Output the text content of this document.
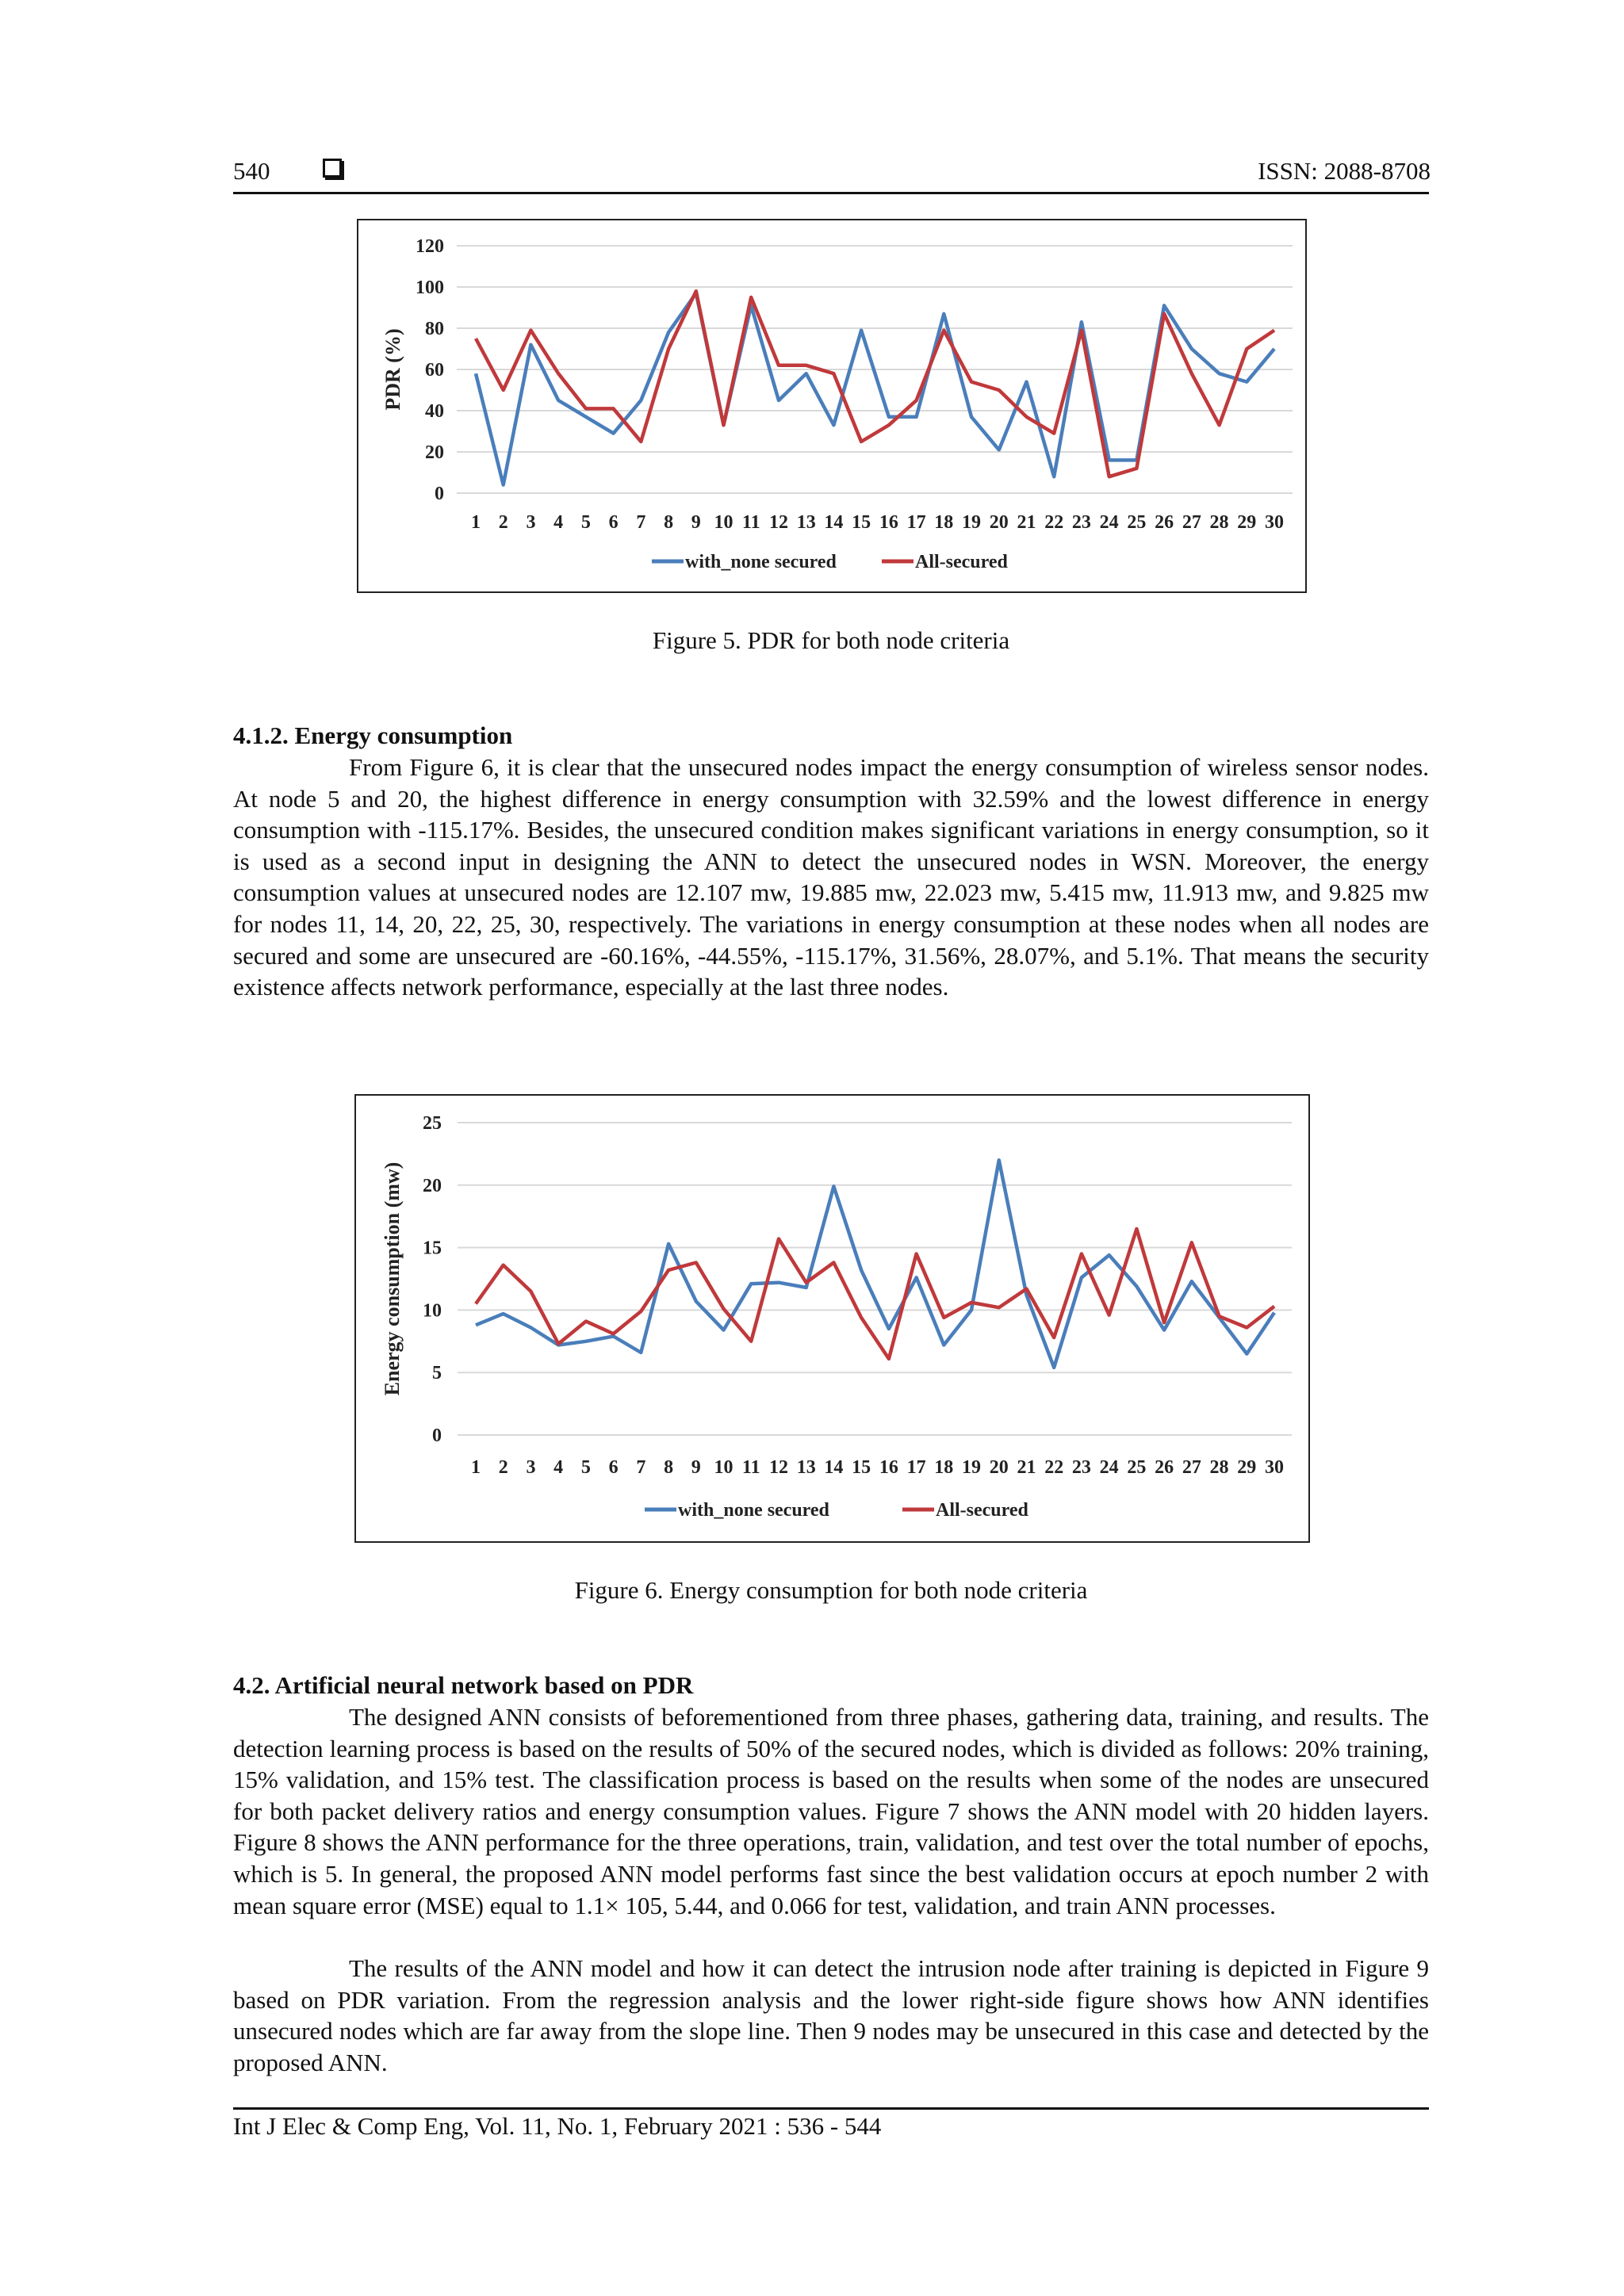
540	ISSN: 2088-8708
0
20
40
60
80
100
120
1 2 3 4 5 6 7 8 9 10 11 12 13 14 15 16 17 18 19 20 21 22 23 24 25 26 27 28 29 30
PDR (%)
with_none secured	All-secured
Figure 5. PDR for both node criteria
4.1.2. Energy consumption

From Figure 6, it is clear that the unsecured nodes impact the energy consumption of wireless sensor nodes. At node 5 and 20, the highest difference in energy consumption with 32.59% and the lowest difference in energy consumption with -115.17%. Besides, the unsecured condition makes significant variations in energy consumption, so it is used as a second input in designing the ANN to detect the unsecured nodes in WSN. Moreover, the energy consumption values at unsecured nodes are 12.107 mw, 19.885 mw, 22.023 mw, 5.415 mw, 11.913 mw, and 9.825 mw for nodes 11, 14, 20, 22, 25, 30, respectively. The variations in energy consumption at these nodes when all nodes are secured and some are unsecured are -60.16%, -44.55%, -115.17%, 31.56%, 28.07%, and 5.1%. That means the security existence affects network performance, especially at the last three nodes.

0
5
10
15
20
25
1 2 3 4 5 6 7 8 9 10 11 12 13 14 15 16 17 18 19 20 21 22 23 24 25 26 27 28 29 30
Energy consumption (mw)
with_none secured	All-secured
Figure 6. Energy consumption for both node criteria
4.2. Artificial neural network based on PDR

The designed ANN consists of beforementioned from three phases, gathering data, training, and results. The detection learning process is based on the results of 50% of the secured nodes, which is divided as follows: 20% training, 15% validation, and 15% test. The classification process is based on the results when some of the nodes are unsecured for both packet delivery ratios and energy consumption values. Figure 7 shows the ANN model with 20 hidden layers. Figure 8 shows the ANN performance for the three operations, train, validation, and test over the total number of epochs, which is 5. In general, the proposed ANN model performs fast since the best validation occurs at epoch number 2 with mean square error (MSE) equal to 1.1× 105, 5.44, and 0.066 for test, validation, and train ANN processes.

The results of the ANN model and how it can detect the intrusion node after training is depicted in Figure 9 based on PDR variation. From the regression analysis and the lower right-side figure shows how ANN identifies unsecured nodes which are far away from the slope line. Then 9 nodes may be unsecured in this case and detected by the proposed ANN.

Int J Elec & Comp Eng, Vol. 11, No. 1, February 2021 : 536 - 544
